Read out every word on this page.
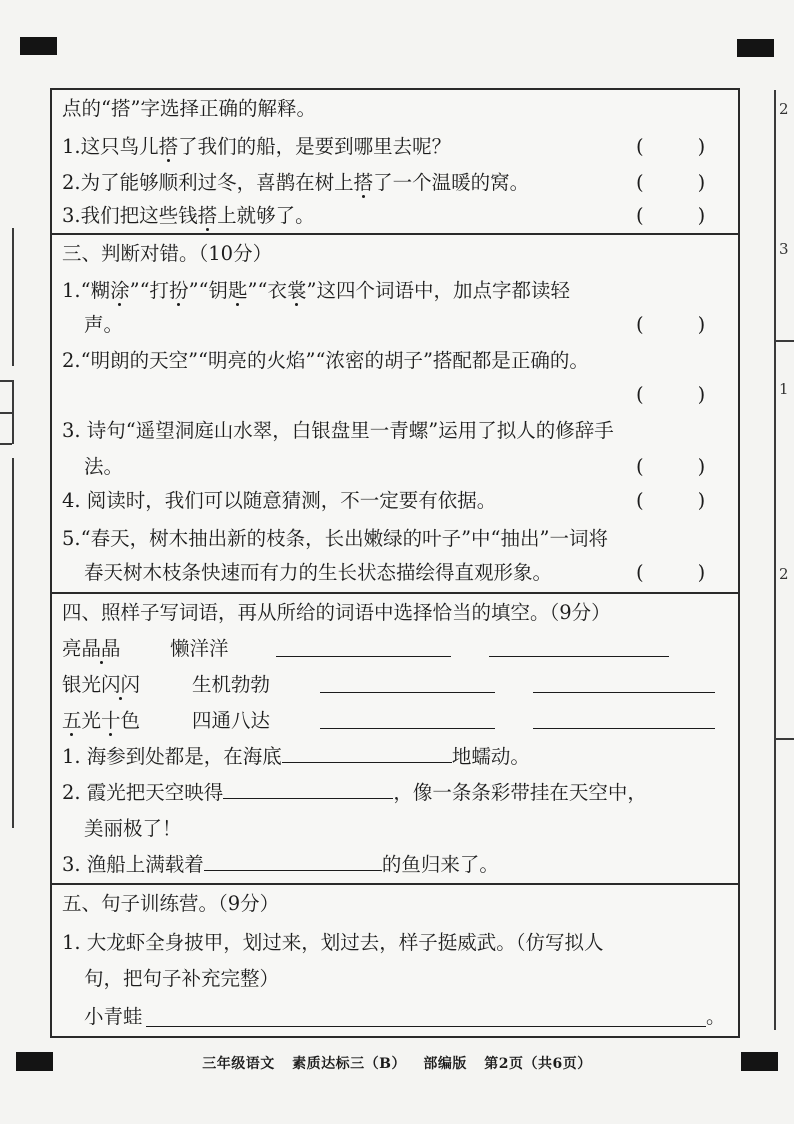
2
3
1
2
点的“搭”字选择正确的解释。
1.这只鸟儿搭了我们的船，是要到哪里去呢？	(	)
2.为了能够顺利过冬，喜鹊在树上搭了一个温暖的窝。	(	)
3.我们把这些钱搭上就够了。	(	)
三、判断对错。（10分）
1.“糊涂”“打扮”“钥匙”“衣裳”这四个词语中，加点字都读轻
声。	(	)
2.“明朗的天空”“明亮的火焰”“浓密的胡子”搭配都是正确的。
(	)
3. 诗句“遥望洞庭山水翠，白银盘里一青螺”运用了拟人的修辞手
法。	(	)
4. 阅读时，我们可以随意猜测，不一定要有依据。	(	)
5.“春天，树木抽出新的枝条，长出嫩绿的叶子”中“抽出”一词将
春天树木枝条快速而有力的生长状态描绘得直观形象。	(	)
四、照样子写词语，再从所给的词语中选择恰当的填空。（9分）
亮晶晶	懒洋洋
银光闪闪	生机勃勃
五光十色	四通八达
1. 海参到处都是，在海底	地蠕动。
2. 霞光把天空映得	，像一条条彩带挂在天空中，
美丽极了！
3. 渔船上满载着	的鱼归来了。
五、句子训练营。（9分）
1. 大龙虾全身披甲，划过来，划过去，样子挺威武。（仿写拟人
句，把句子补充完整）
小青蛙	。
三年级语文 素质达标三（B） 部编版 第2页（共6页）
